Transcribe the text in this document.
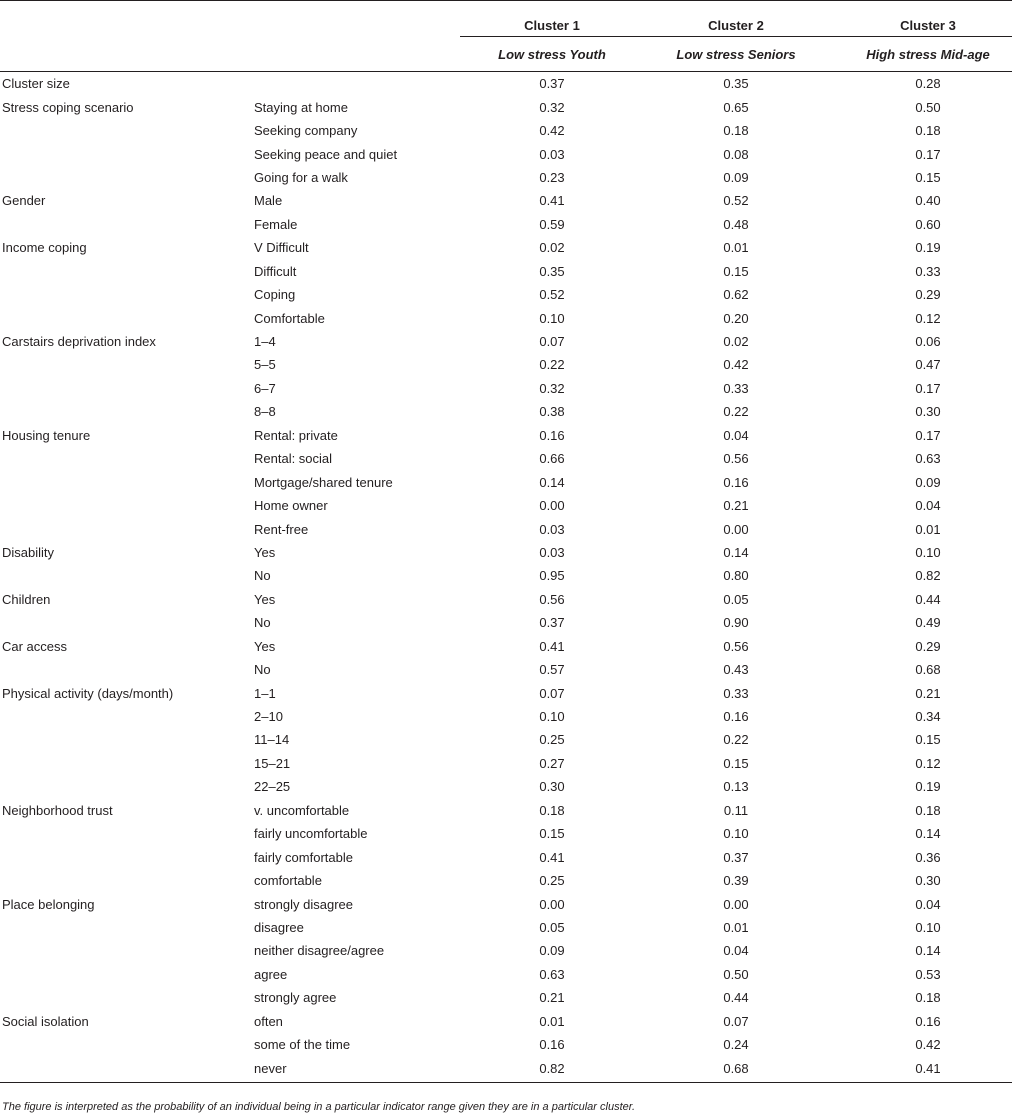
		Cluster 1	Cluster 2	Cluster 3
		Low stress Youth	Low stress Seniors	High stress Mid-age
Cluster size		0.37	0.35	0.28
Stress coping scenario	Staying at home	0.32	0.65	0.50
	Seeking company	0.42	0.18	0.18
	Seeking peace and quiet	0.03	0.08	0.17
	Going for a walk	0.23	0.09	0.15
Gender	Male	0.41	0.52	0.40
	Female	0.59	0.48	0.60
Income coping	V Difficult	0.02	0.01	0.19
	Difficult	0.35	0.15	0.33
	Coping	0.52	0.62	0.29
	Comfortable	0.10	0.20	0.12
Carstairs deprivation index	1–4	0.07	0.02	0.06
	5–5	0.22	0.42	0.47
	6–7	0.32	0.33	0.17
	8–8	0.38	0.22	0.30
Housing tenure	Rental: private	0.16	0.04	0.17
	Rental: social	0.66	0.56	0.63
	Mortgage/shared tenure	0.14	0.16	0.09
	Home owner	0.00	0.21	0.04
	Rent-free	0.03	0.00	0.01
Disability	Yes	0.03	0.14	0.10
	No	0.95	0.80	0.82
Children	Yes	0.56	0.05	0.44
	No	0.37	0.90	0.49
Car access	Yes	0.41	0.56	0.29
	No	0.57	0.43	0.68
Physical activity (days/month)	1–1	0.07	0.33	0.21
	2–10	0.10	0.16	0.34
	11–14	0.25	0.22	0.15
	15–21	0.27	0.15	0.12
	22–25	0.30	0.13	0.19
Neighborhood trust	v. uncomfortable	0.18	0.11	0.18
	fairly uncomfortable	0.15	0.10	0.14
	fairly comfortable	0.41	0.37	0.36
	comfortable	0.25	0.39	0.30
Place belonging	strongly disagree	0.00	0.00	0.04
	disagree	0.05	0.01	0.10
	neither disagree/agree	0.09	0.04	0.14
	agree	0.63	0.50	0.53
	strongly agree	0.21	0.44	0.18
Social isolation	often	0.01	0.07	0.16
	some of the time	0.16	0.24	0.42
	never	0.82	0.68	0.41
The figure is interpreted as the probability of an individual being in a particular indicator range given they are in a particular cluster.
